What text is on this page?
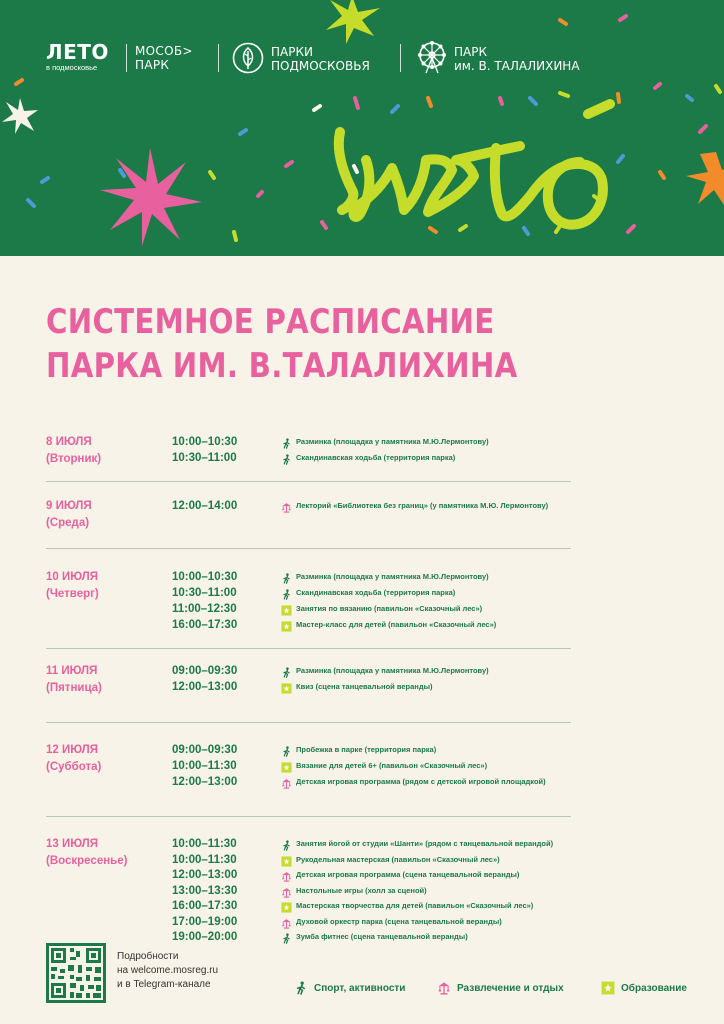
ЛЕТО
в подмосковье
МОСОБ>
ПАРК
ПАРКИ
ПОДМОСКОВЬЯ
ПАРК
им. В. ТАЛАЛИХИНА
СИСТЕМНОЕ РАСПИСАНИЕ
ПАРКА ИМ. В.ТАЛАЛИХИНА
8 ИЮЛЯ
(Вторник)
10:00–10:30	Разминка (площадка у памятника М.Ю.Лермонтову)
10:30–11:00	Скандинавская ходьба (территория парка)
9 ИЮЛЯ
(Среда)
12:00–14:00	Лекторий «Библиотека без границ» (у памятника М.Ю. Лермонтову)
10 ИЮЛЯ
(Четверг)
10:00–10:30	Разминка (площадка у памятника М.Ю.Лермонтову)
10:30–11:00	Скандинавская ходьба (территория парка)
11:00–12:30	Занятия по вязанию (павильон «Сказочный лес»)
16:00–17:30	Мастер-класс для детей (павильон «Сказочный лес»)
11 ИЮЛЯ
(Пятница)
09:00–09:30	Разминка (площадка у памятника М.Ю.Лермонтову)
12:00–13:00	Квиз (сцена танцевальной веранды)
12 ИЮЛЯ
(Суббота)
09:00–09:30	Пробежка в парке (территория парка)
10:00–11:30	Вязание для детей 6+ (павильон «Сказочный лес»)
12:00–13:00	Детская игровая программа (рядом с детской игровой площадкой)
13 ИЮЛЯ
(Воскресенье)
10:00–11:30	Занятия йогой от студии «Шанти» (рядом с танцевальной верандой)
10:00–11:30	Рукодельная мастерская (павильон «Сказочный лес»)
12:00–13:00	Детская игровая программа (сцена танцевальной веранды)
13:00–13:30	Настольные игры (холл за сценой)
16:00–17:30	Мастерская творчества для детей (павильон «Сказочный лес»)
17:00–19:00	Духовой оркестр парка (сцена танцевальной веранды)
19:00–20:00	Зумба фитнес (сцена танцевальной веранды)
Подробности
на welcome.mosreg.ru
и в Telegram-канале	Спорт, активности	Развлечение и отдых	Образование
